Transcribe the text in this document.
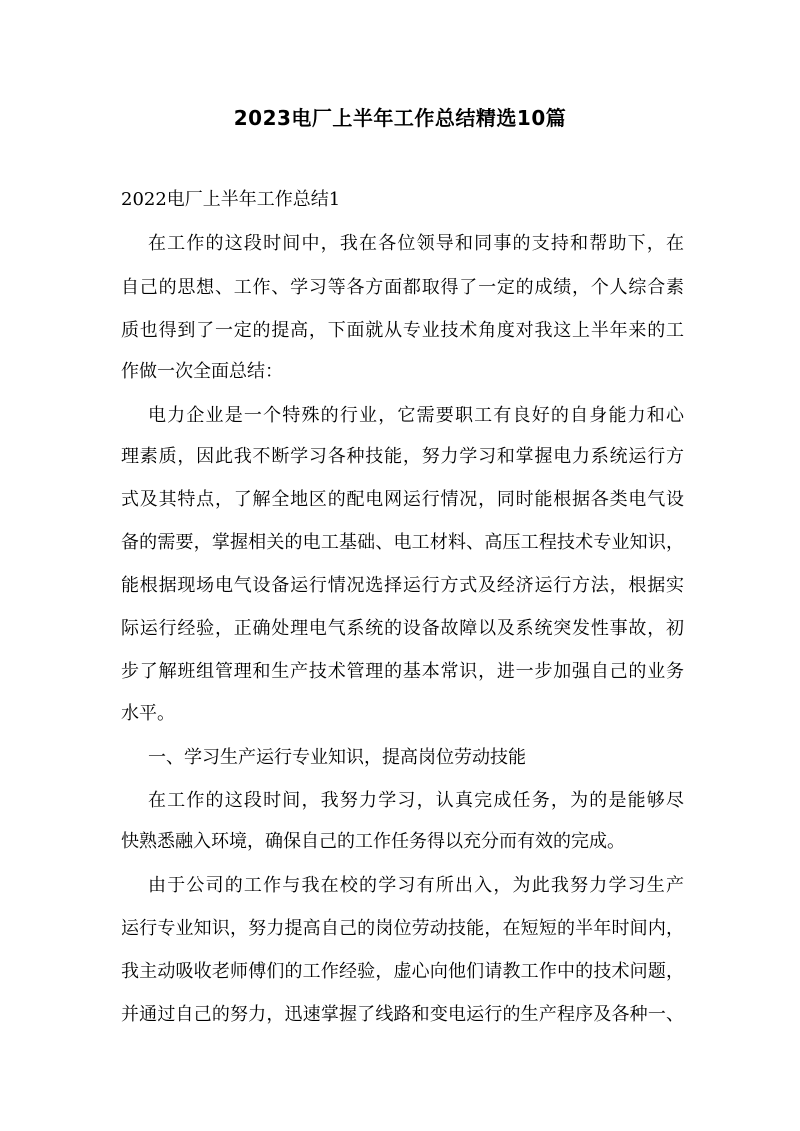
2023电厂上半年工作总结精选10篇
2022电厂上半年工作总结1
在工作的这段时间中，我在各位领导和同事的支持和帮助下，在
自己的思想、工作、学习等各方面都取得了一定的成绩，个人综合素
质也得到了一定的提高，下面就从专业技术角度对我这上半年来的工
作做一次全面总结：
电力企业是一个特殊的行业，它需要职工有良好的自身能力和心
理素质，因此我不断学习各种技能，努力学习和掌握电力系统运行方
式及其特点，了解全地区的配电网运行情况，同时能根据各类电气设
备的需要，掌握相关的电工基础、电工材料、高压工程技术专业知识，
能根据现场电气设备运行情况选择运行方式及经济运行方法，根据实
际运行经验，正确处理电气系统的设备故障以及系统突发性事故，初
步了解班组管理和生产技术管理的基本常识，进一步加强自己的业务
水平。
一、学习生产运行专业知识，提高岗位劳动技能
在工作的这段时间，我努力学习，认真完成任务，为的是能够尽
快熟悉融入环境，确保自己的工作任务得以充分而有效的完成。
由于公司的工作与我在校的学习有所出入，为此我努力学习生产
运行专业知识，努力提高自己的岗位劳动技能，在短短的半年时间内，
我主动吸收老师傅们的工作经验，虚心向他们请教工作中的技术问题，
并通过自己的努力，迅速掌握了线路和变电运行的生产程序及各种一、
